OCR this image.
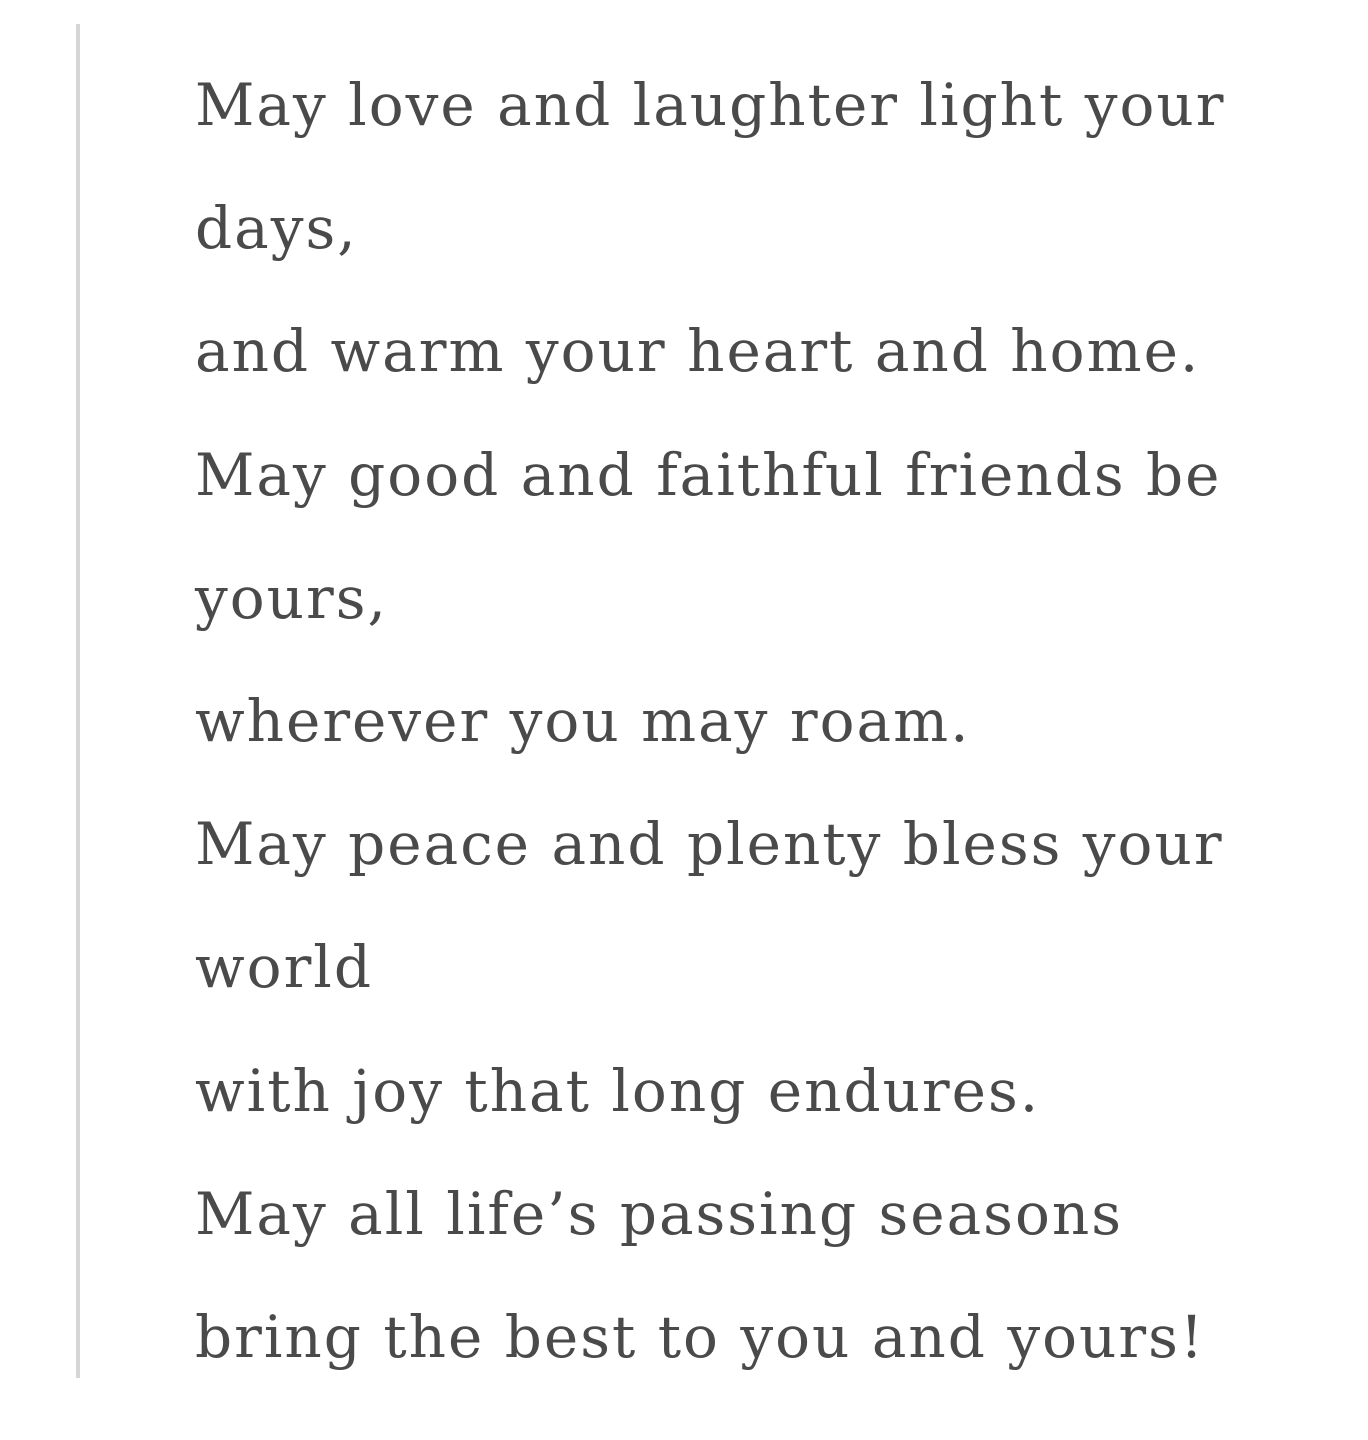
May love and laughter light your days,
and warm your heart and home.
May good and faithful friends be yours,
wherever you may roam.
May peace and plenty bless your world
with joy that long endures.
May all life’s passing seasons
bring the best to you and yours!
